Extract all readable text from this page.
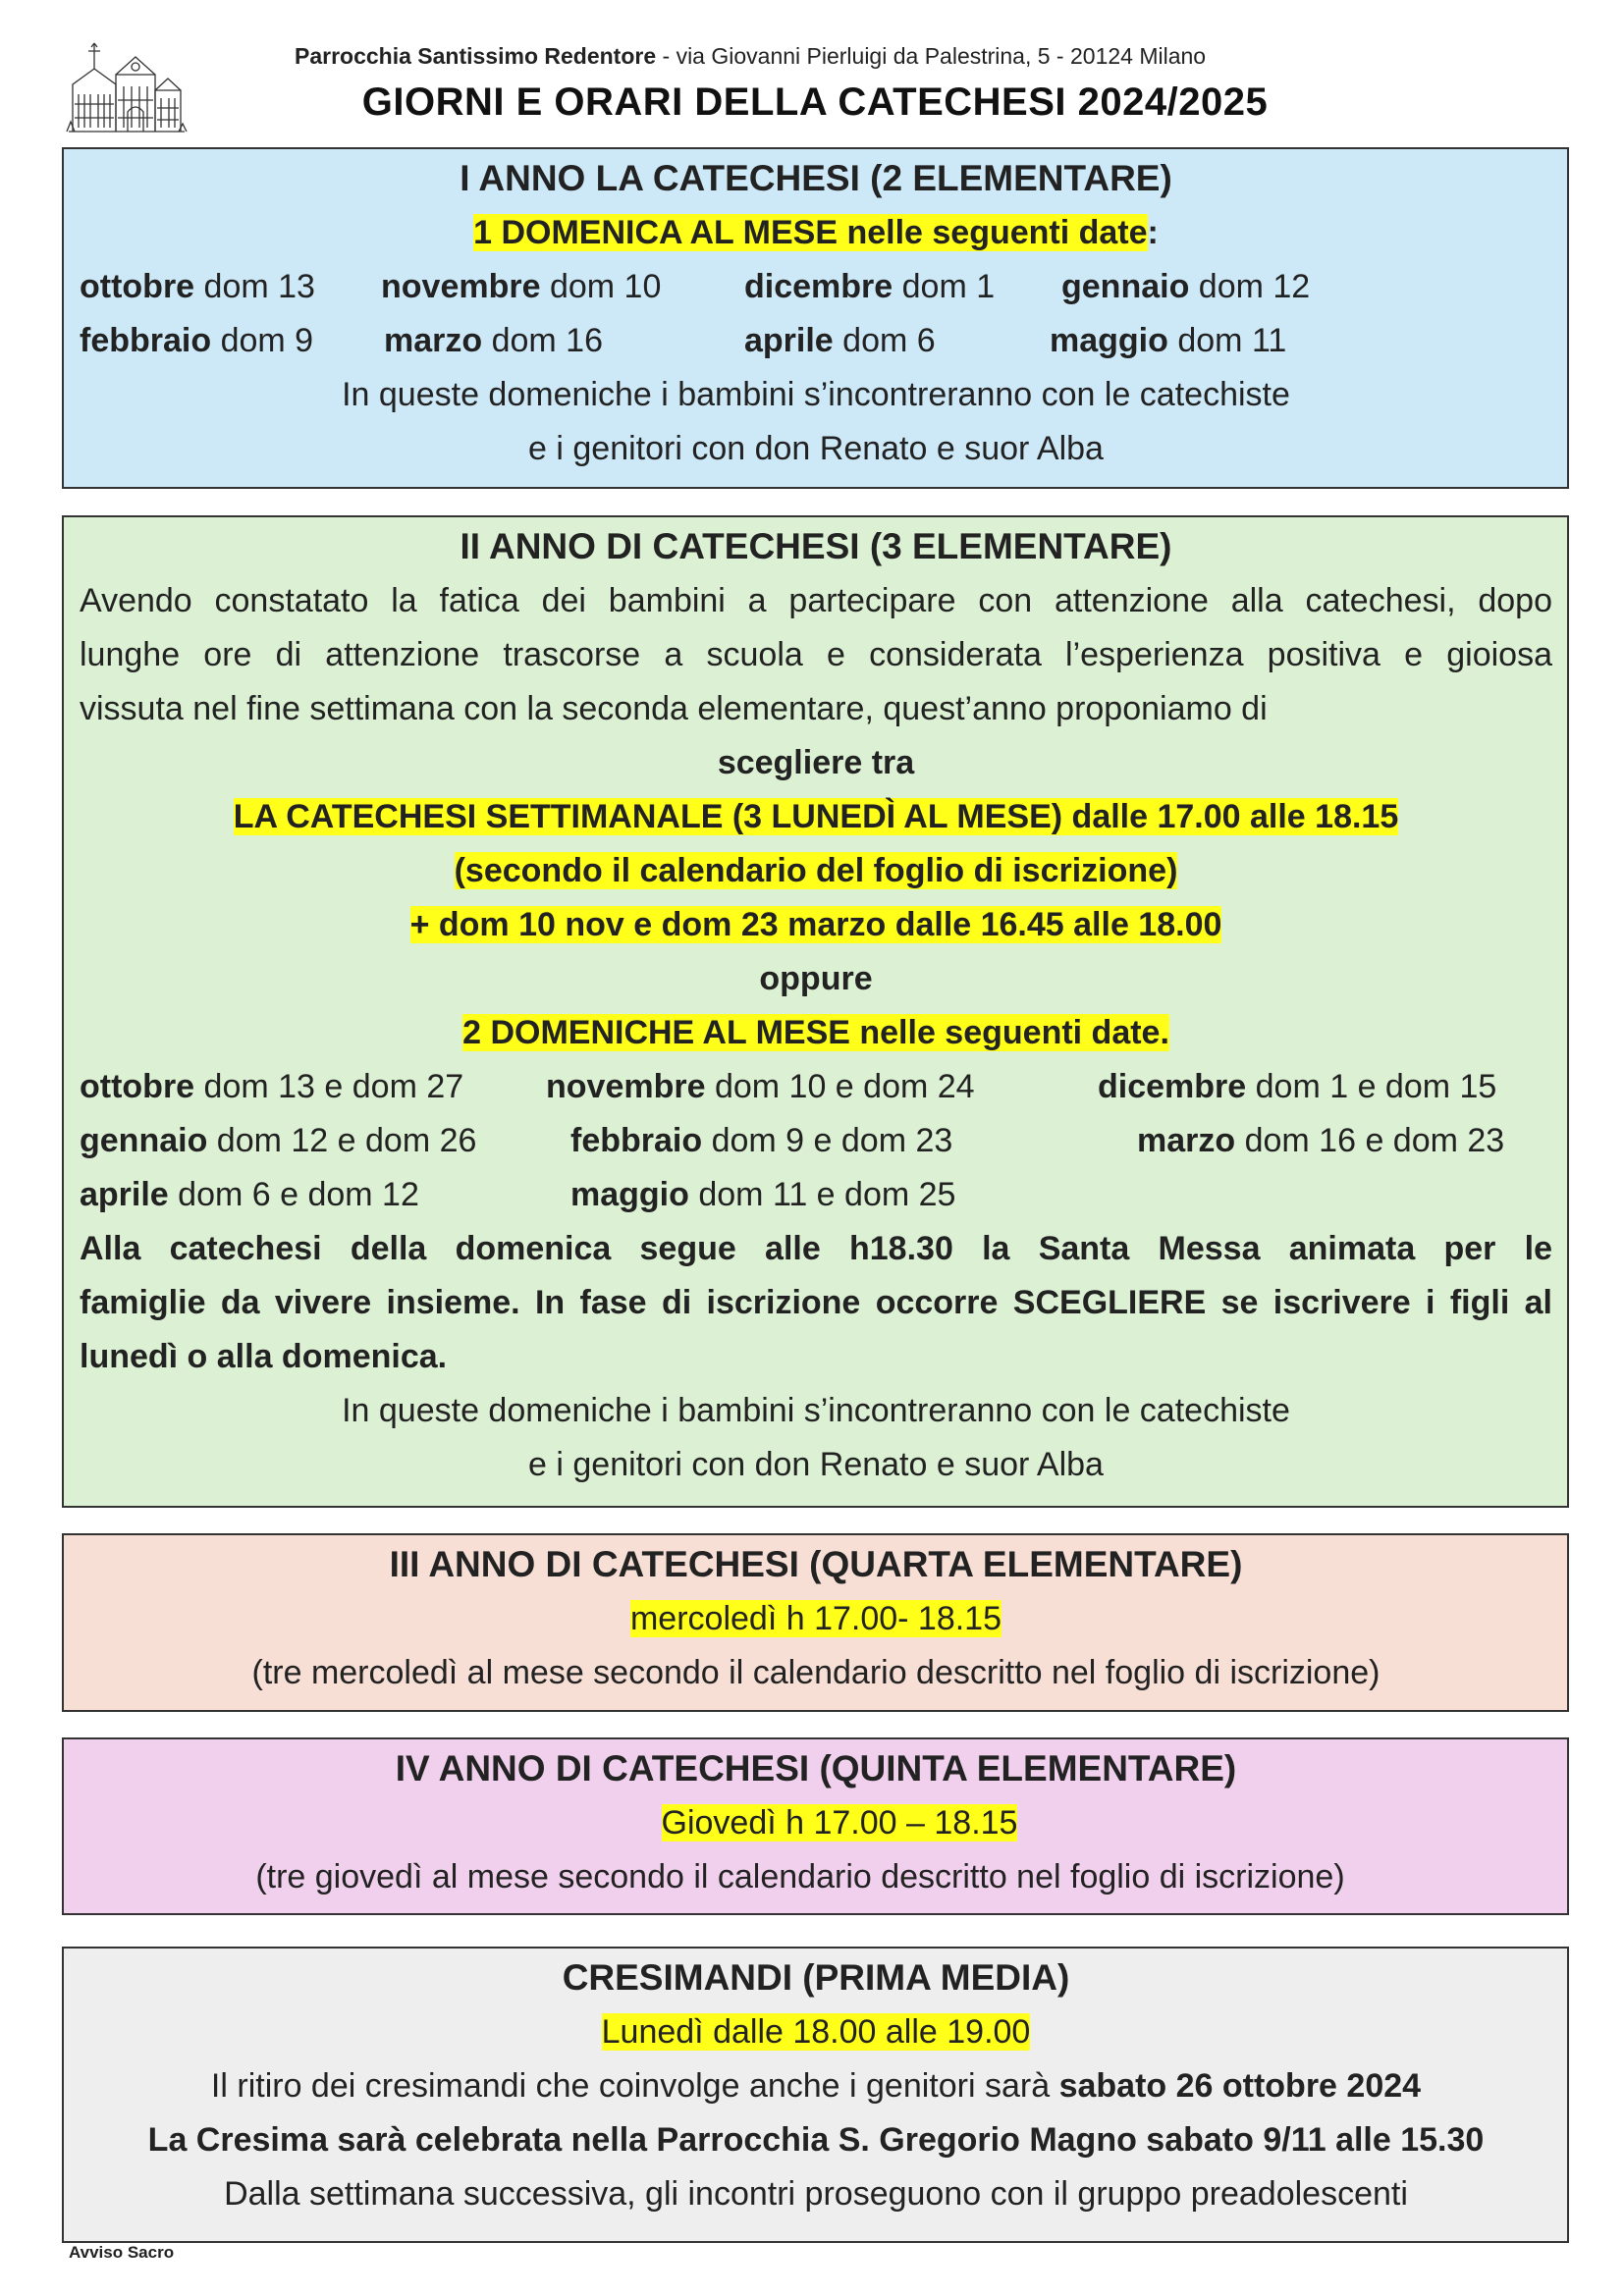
Parrocchia Santissimo Redentore - via Giovanni Pierluigi da Palestrina, 5 - 20124 Milano
GIORNI E ORARI DELLA CATECHESI 2024/2025
I ANNO LA CATECHESI (2 ELEMENTARE)
1 DOMENICA AL MESE nelle seguenti date:
ottobre dom 13 novembre dom 10 dicembre dom 1 gennaio dom 12
febbraio dom 9 marzo dom 16	aprile dom 6	maggio dom 11
In queste domeniche i bambini s’incontreranno con le catechiste
e i genitori con don Renato e suor Alba
II ANNO DI CATECHESI (3 ELEMENTARE)
Avendo constatato la fatica dei bambini a partecipare con attenzione alla catechesi, dopo
lunghe ore di attenzione trascorse a scuola e considerata l’esperienza positiva e gioiosa
vissuta nel fine settimana con la seconda elementare, quest’anno proponiamo di
scegliere tra
LA CATECHESI SETTIMANALE (3 LUNEDÌ AL MESE) dalle 17.00 alle 18.15
(secondo il calendario del foglio di iscrizione)
+ dom 10 nov e dom 23 marzo dalle 16.45 alle 18.00
oppure
2 DOMENICHE AL MESE nelle seguenti date.
ottobre dom 13 e dom 27 novembre dom 10 e dom 24	dicembre dom 1 e dom 15
gennaio dom 12 e dom 26	febbraio dom 9 e dom 23	marzo dom 16 e dom 23
aprile dom 6 e dom 12	maggio dom 11 e dom 25
Alla catechesi della domenica segue alle h18.30 la Santa Messa animata per le
famiglie da vivere insieme. In fase di iscrizione occorre SCEGLIERE se iscrivere i figli al
lunedì o alla domenica.
In queste domeniche i bambini s’incontreranno con le catechiste
e i genitori con don Renato e suor Alba
III ANNO DI CATECHESI (QUARTA ELEMENTARE)
mercoledì h 17.00- 18.15
(tre mercoledì al mese secondo il calendario descritto nel foglio di iscrizione)
IV ANNO DI CATECHESI (QUINTA ELEMENTARE)
Giovedì h 17.00 – 18.15
(tre giovedì al mese secondo il calendario descritto nel foglio di iscrizione)
CRESIMANDI (PRIMA MEDIA)
Lunedì dalle 18.00 alle 19.00
Il ritiro dei cresimandi che coinvolge anche i genitori sarà sabato 26 ottobre 2024
La Cresima sarà celebrata nella Parrocchia S. Gregorio Magno sabato 9/11 alle 15.30
Dalla settimana successiva, gli incontri proseguono con il gruppo preadolescenti
Avviso Sacro
